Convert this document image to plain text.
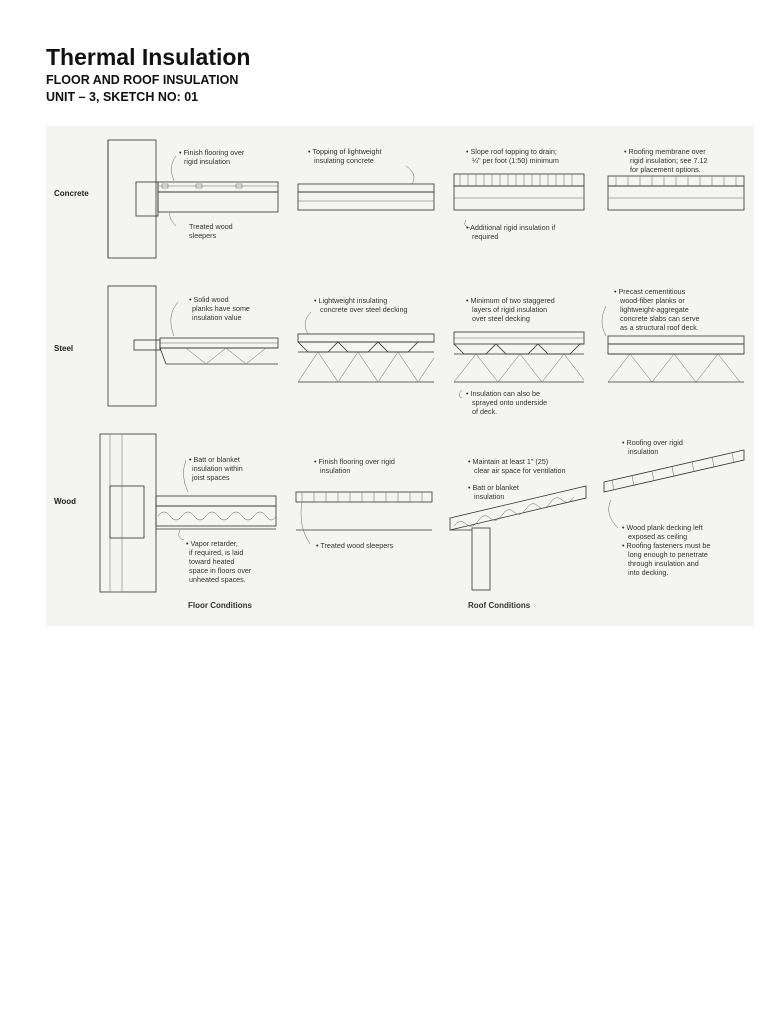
Thermal Insulation
FLOOR AND ROOF INSULATION
UNIT – 3, SKETCH NO: 01
Concrete
Steel
Wood
• Finish flooring over
rigid insulation
Treated wood
sleepers
• Topping of lightweight
insulating concrete
• Slope roof topping to drain;
¼" per foot (1:50) minimum
• Additional rigid insulation if
required
• Roofing membrane over
rigid insulation; see 7.12
for placement options.
• Solid wood
planks have some
insulation value
• Lightweight insulating
concrete over steel decking
• Minimum of two staggered
layers of rigid insulation
over steel decking
• Insulation can also be
sprayed onto underside
of deck.
• Precast cementitious
wood-fiber planks or
lightweight-aggregate
concrete slabs can serve
as a structural roof deck.
• Batt or blanket
insulation within
joist spaces
• Vapor retarder,
if required, is laid
toward heated
space in floors over
unheated spaces.
Floor Conditions
• Finish flooring over rigid
insulation
• Treated wood sleepers
• Maintain at least 1" (25)
clear air space for ventilation
• Batt or blanket
insulation
Roof Conditions
• Roofing over rigid
insulation
• Wood plank decking left
exposed as ceiling
• Roofing fasteners must be
long enough to penetrate
through insulation and
into decking.
